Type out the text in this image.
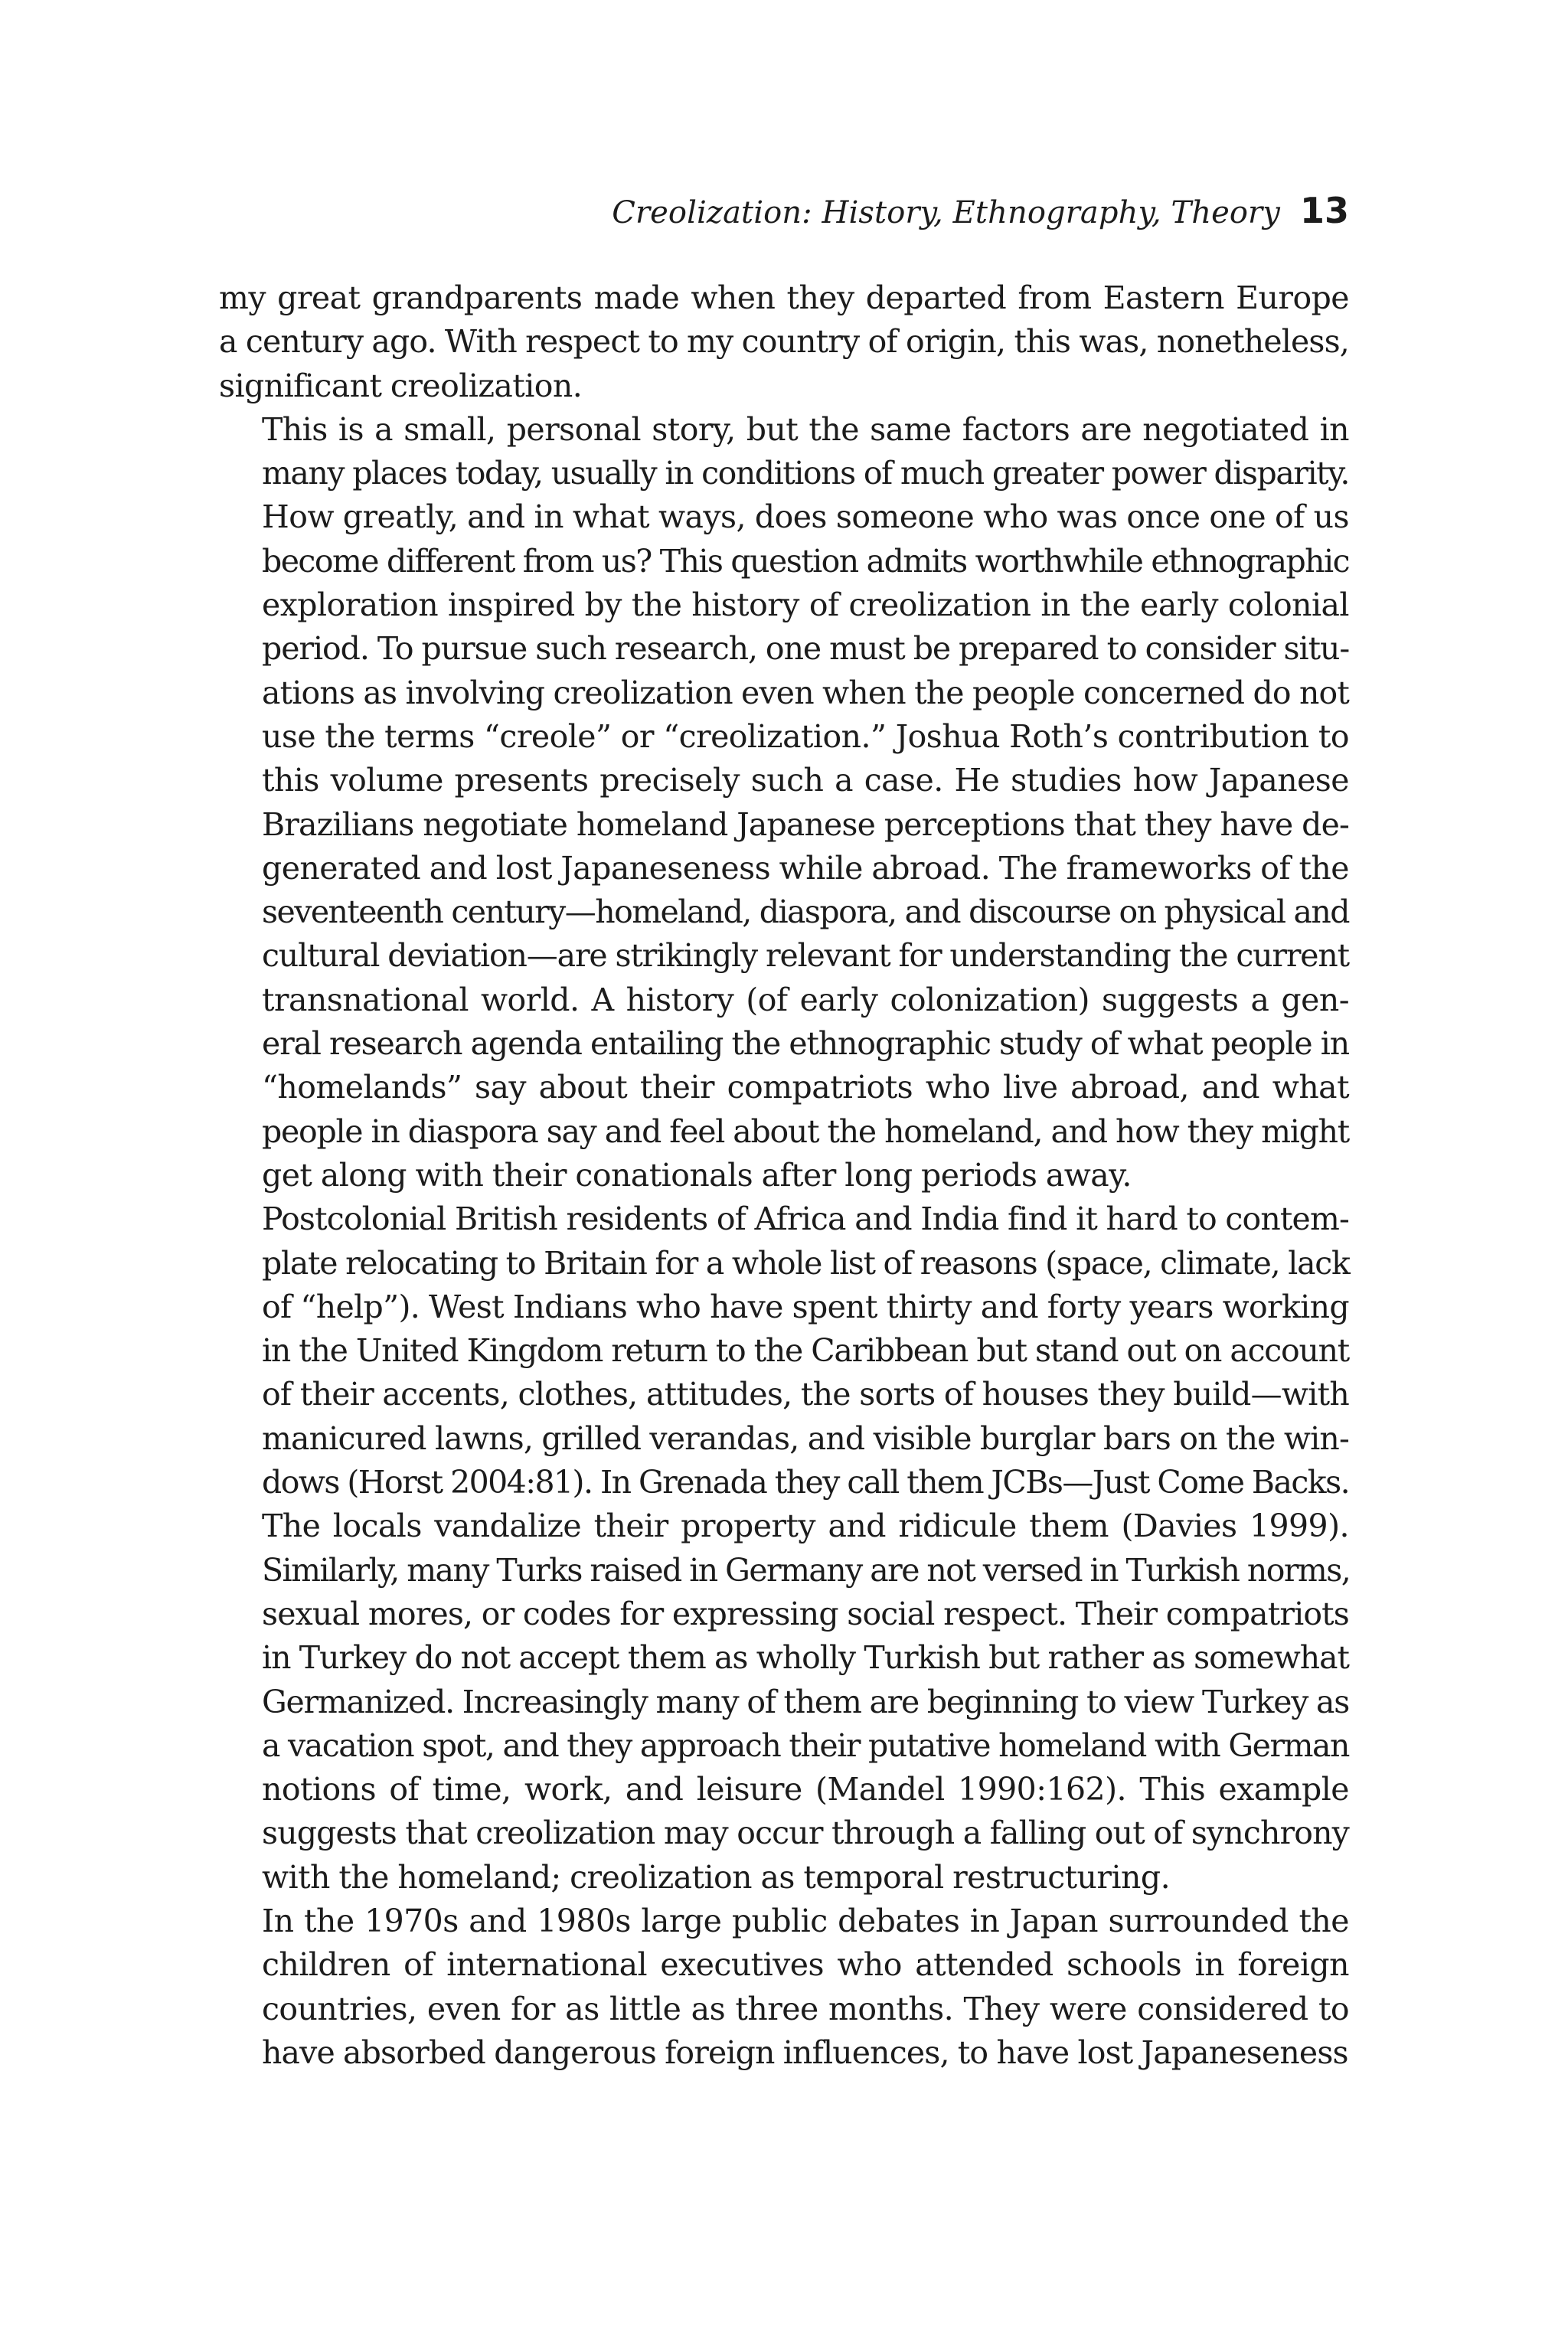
Creolization: History, Ethnography, Theory 13

my great grandparents made when they departed from Eastern Europe
a century ago. With respect to my country of origin, this was, nonetheless,
significant creolization.

This is a small, personal story, but the same factors are negotiated in
many places today, usually in conditions of much greater power disparity.
How greatly, and in what ways, does someone who was once one of us
become different from us? This question admits worthwhile ethnographic
exploration inspired by the history of creolization in the early colonial
period. To pursue such research, one must be prepared to consider situ-
ations as involving creolization even when the people concerned do not
use the terms “creole” or “creolization.” Joshua Roth’s contribution to
this volume presents precisely such a case. He studies how Japanese
Brazilians negotiate homeland Japanese perceptions that they have de-
generated and lost Japaneseness while abroad. The frameworks of the
seventeenth century—homeland, diaspora, and discourse on physical and
cultural deviation—are strikingly relevant for understanding the current
transnational world. A history (of early colonization) suggests a gen-
eral research agenda entailing the ethnographic study of what people in
“homelands” say about their compatriots who live abroad, and what
people in diaspora say and feel about the homeland, and how they might
get along with their conationals after long periods away.

Postcolonial British residents of Africa and India find it hard to contem-
plate relocating to Britain for a whole list of reasons (space, climate, lack
of “help”). West Indians who have spent thirty and forty years working
in the United Kingdom return to the Caribbean but stand out on account
of their accents, clothes, attitudes, the sorts of houses they build—with
manicured lawns, grilled verandas, and visible burglar bars on the win-
dows (Horst 2004:81). In Grenada they call them JCBs—Just Come Backs.
The locals vandalize their property and ridicule them (Davies 1999).
Similarly, many Turks raised in Germany are not versed in Turkish norms,
sexual mores, or codes for expressing social respect. Their compatriots
in Turkey do not accept them as wholly Turkish but rather as somewhat
Germanized. Increasingly many of them are beginning to view Turkey as
a vacation spot, and they approach their putative homeland with German
notions of time, work, and leisure (Mandel 1990:162). This example
suggests that creolization may occur through a falling out of synchrony
with the homeland; creolization as temporal restructuring.

In the 1970s and 1980s large public debates in Japan surrounded the
children of international executives who attended schools in foreign
countries, even for as little as three months. They were considered to
have absorbed dangerous foreign influences, to have lost Japaneseness
